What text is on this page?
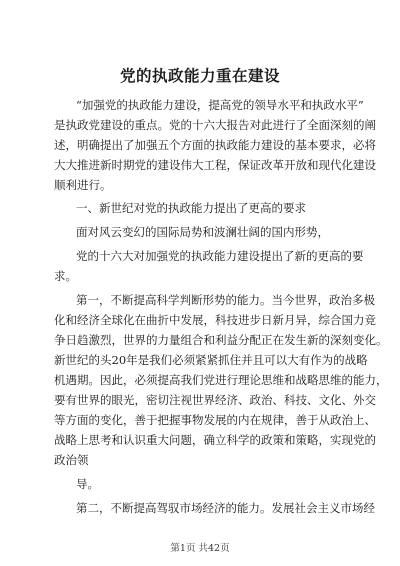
党的执政能力重在建设
“加强党的执政能力建设，提高党的领导水平和执政水平”
是执政党建设的重点。党的十六大报告对此进行了全面深刻的阐
述，明确提出了加强五个方面的执政能力建设的基本要求，必将
大大推进新时期党的建设伟大工程，保证改革开放和现代化建设
顺利进行。
一、新世纪对党的执政能力提出了更高的要求
面对风云变幻的国际局势和波澜壮阔的国内形势，
党的十六大对加强党的执政能力建设提出了新的更高的要
求。
第一，不断提高科学判断形势的能力。当今世界，政治多极
化和经济全球化在曲折中发展，科技进步日新月异，综合国力竞
争日趋激烈，世界的力量组合和利益分配正在发生新的深刻变化。
新世纪的头20年是我们必须紧紧抓住并且可以大有作为的战略
机遇期。因此，必须提高我们党进行理论思维和战略思维的能力，
要有世界的眼光，密切注视世界经济、政治、科技、文化、外交
等方面的变化，善于把握事物发展的内在规律，善于从政治上、
战略上思考和认识重大问题，确立科学的政策和策略，实现党的
政治领
导。
第二，不断提高驾驭市场经济的能力。发展社会主义市场经
第1页 共42页
